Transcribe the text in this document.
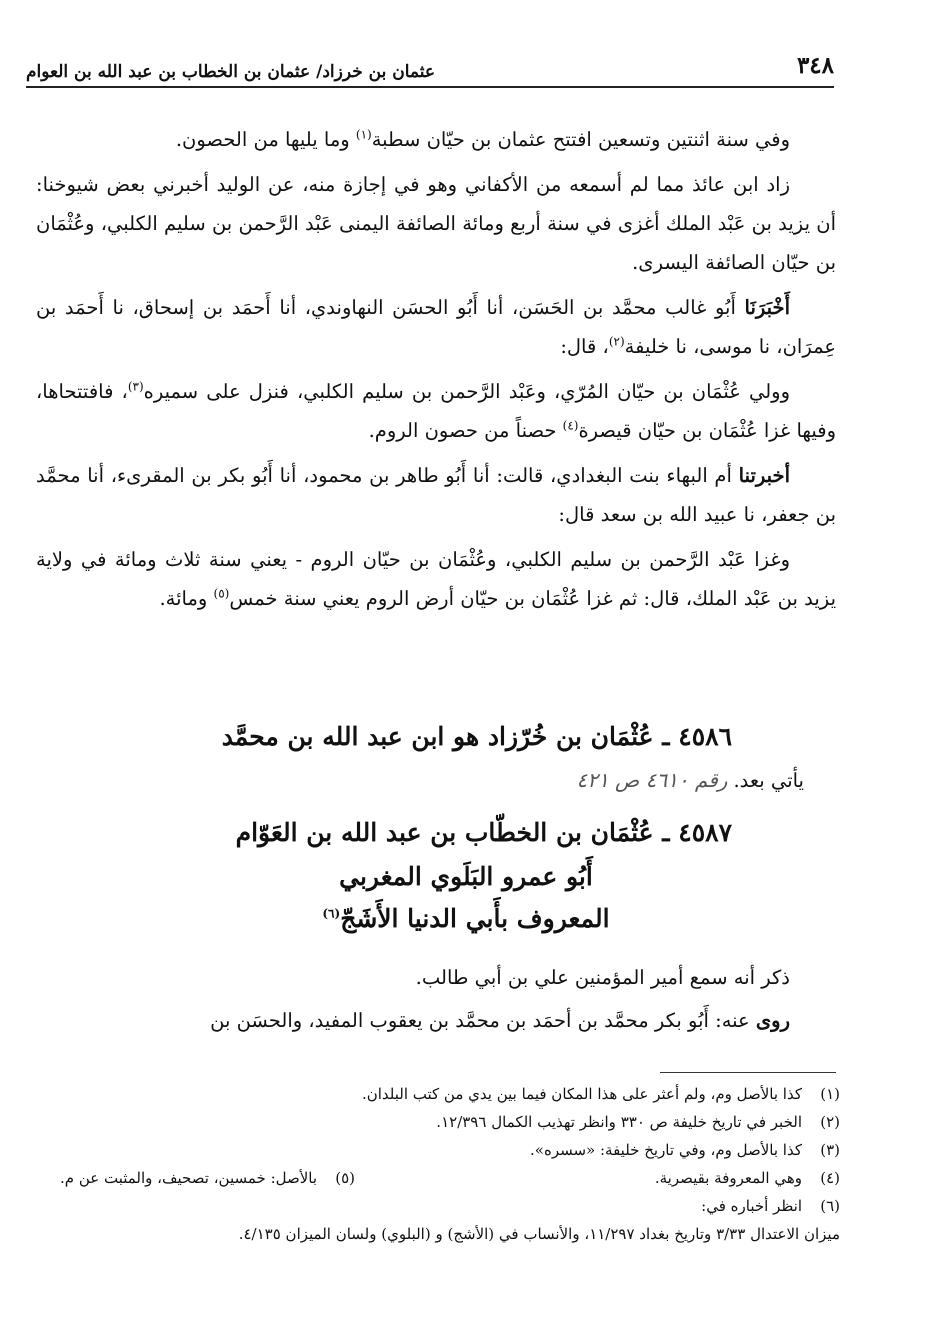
٣٤٨
عثمان بن خرزاد/ عثمان بن الخطاب بن عبد الله بن العوام

وفي سنة اثنتين وتسعين افتتح عثمان بن حيّان سطبة$^{(١)}$ وما يليها من الحصون.

زاد ابن عائذ مما لم أسمعه من الأكفاني وهو في إجازة منه، عن الوليد أخبرني بعض شيوخنا: أن يزيد بن عَبْد الملك أغزى في سنة أربع ومائة الصائفة اليمنى عَبْد الرَّحمن بن سليم الكلبي، وعُثْمَان بن حيّان الصائفة اليسرى.

أَخْبَرَنَا أَبُو غالب محمَّد بن الحَسَن، أنا أَبُو الحسَن النهاوندي، أنا أَحمَد بن إسحاق، نا أَحمَد بن عِمرَان، نا موسى، نا خليفة$^{(٢)}$، قال:

وولي عُثْمَان بن حيّان المُرّي، وعَبْد الرَّحمن بن سليم الكلبي، فنزل على سميره$^{(٣)}$، فافتتحاها، وفيها غزا عُثْمَان بن حيّان قيصرة$^{(٤)}$ حصناً من حصون الروم.

أخبرتنا أم البهاء بنت البغدادي، قالت: أنا أَبُو طاهر بن محمود، أنا أَبُو بكر بن المقرىء، أنا محمَّد بن جعفر، نا عبيد الله بن سعد قال:

وغزا عَبْد الرَّحمن بن سليم الكلبي، وعُثْمَان بن حيّان الروم - يعني سنة ثلاث ومائة في ولاية يزيد بن عَبْد الملك، قال: ثم غزا عُثْمَان بن حيّان أرض الروم يعني سنة خمس$^{(٥)}$ ومائة.

٤٥٨٦ ـ عُثْمَان بن خُرّزاد هو ابن عبد الله بن محمَّد
يأتي بعد.رقم ٤٦١٠ ص ٤٢١
٤٥٨٧ ـ عُثْمَان بن الخطّاب بن عبد الله بن العَوّام
أَبُو عمرو البَلَوي المغربي
المعروف بأَبي الدنيا الأَشَجّ$^{(٦)}$

ذكر أنه سمع أمير المؤمنين علي بن أبي طالب.

روى عنه: أَبُو بكر محمَّد بن أحمَد بن محمَّد بن يعقوب المفيد، والحسَن بن

(١)كذا بالأصل وم، ولم أعثر على هذا المكان فيما بين يدي من كتب البلدان.
(٢)الخبر في تاريخ خليفة ص ٣٣٠ وانظر تهذيب الكمال ١٢/٣٩٦.
(٣)كذا بالأصل وم، وفي تاريخ خليفة: «سسره».
(٤)وهي المعروفة بقيصرية.
(٥)بالأصل: خمسين، تصحيف، والمثبت عن م.
(٦)انظر أخباره في:
ميزان الاعتدال ٣/٣٣ وتاريخ بغداد ١١/٢٩٧، والأنساب في (الأشج) و (البلوي) ولسان الميزان ٤/١٣٥.
